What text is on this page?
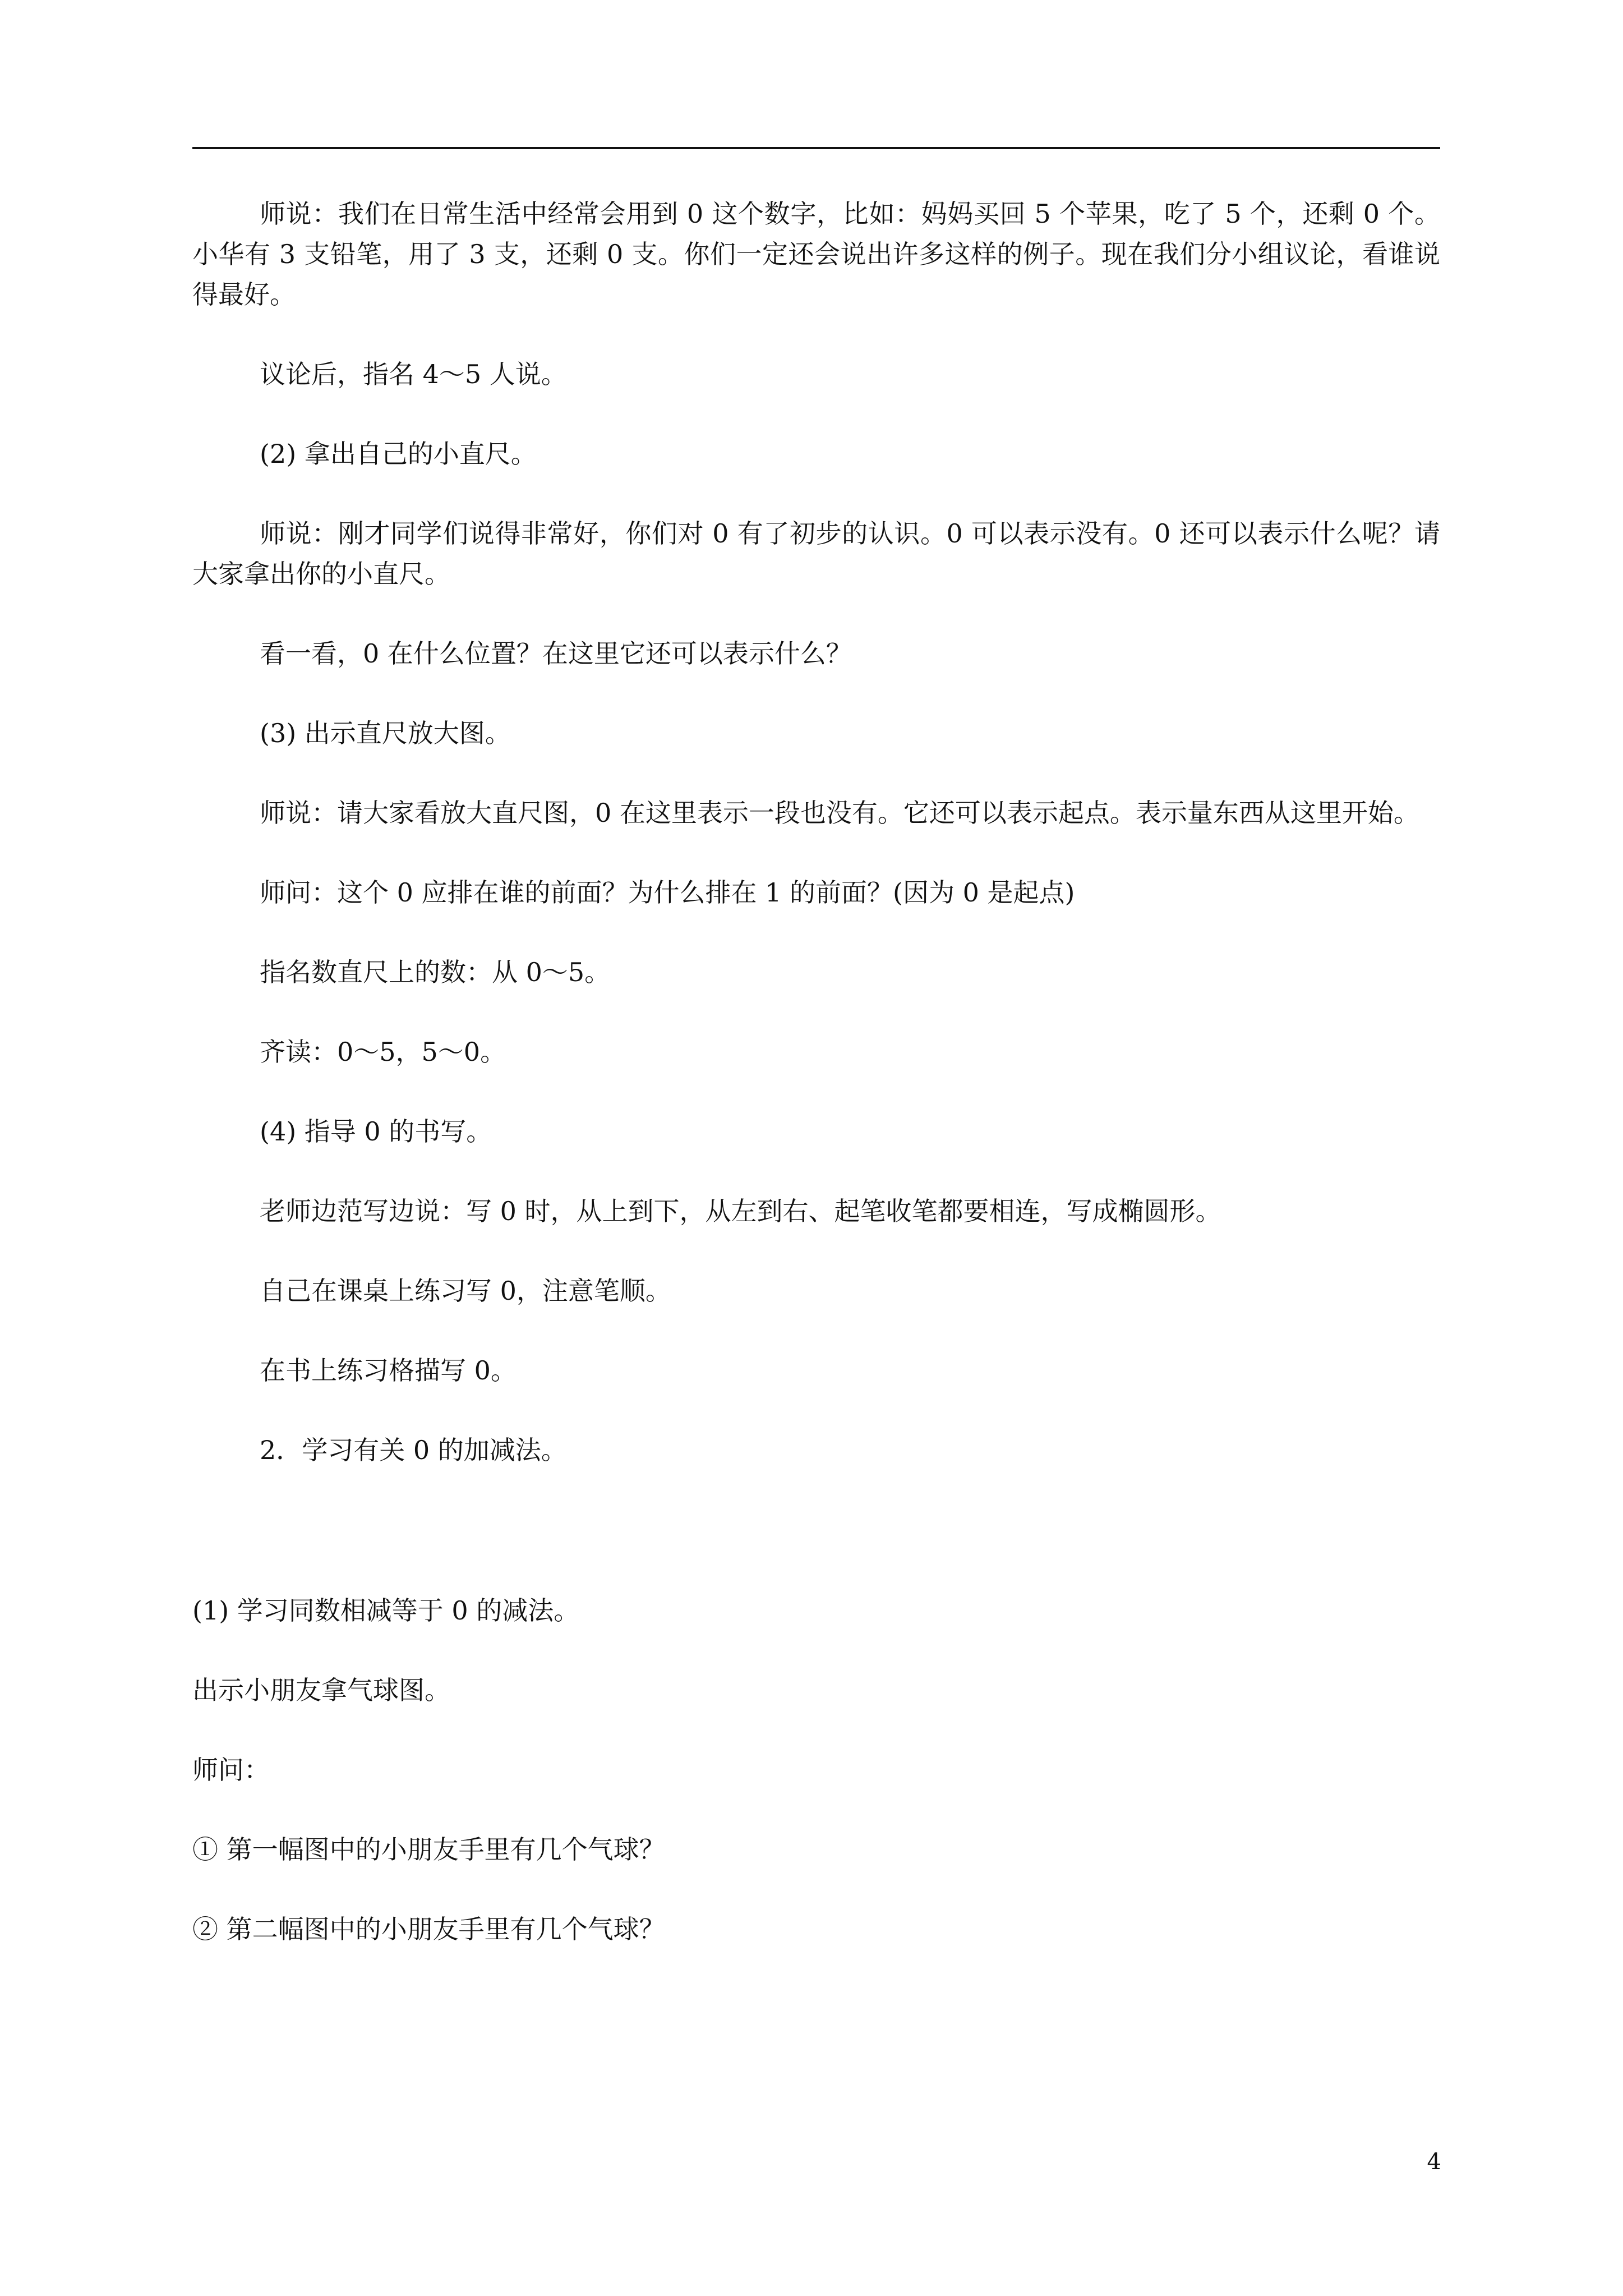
师说：我们在日常生活中经常会用到 0 这个数字，比如：妈妈买回 5 个苹果，吃了 5 个，还剩 0 个。小华有 3 支铅笔，用了 3 支，还剩 0 支。你们一定还会说出许多这样的例子。现在我们分小组议论，看谁说得最好。

议论后，指名 4～5 人说。

(2) 拿出自己的小直尺。

师说：刚才同学们说得非常好，你们对 0 有了初步的认识。0 可以表示没有。0 还可以表示什么呢？请大家拿出你的小直尺。

看一看，0 在什么位置？在这里它还可以表示什么？

(3) 出示直尺放大图。

师说：请大家看放大直尺图，0 在这里表示一段也没有。它还可以表示起点。表示量东西从这里开始。

师问：这个 0 应排在谁的前面？为什么排在 1 的前面？(因为 0 是起点)

指名数直尺上的数：从 0～5。

齐读：0～5，5～0。

(4) 指导 0 的书写。

老师边范写边说：写 0 时，从上到下，从左到右、起笔收笔都要相连，写成椭圆形。

自己在课桌上练习写 0，注意笔顺。

在书上练习格描写 0。

2．学习有关 0 的加减法。

(1) 学习同数相减等于 0 的减法。

出示小朋友拿气球图。

师问：

① 第一幅图中的小朋友手里有几个气球？

② 第二幅图中的小朋友手里有几个气球？

4
